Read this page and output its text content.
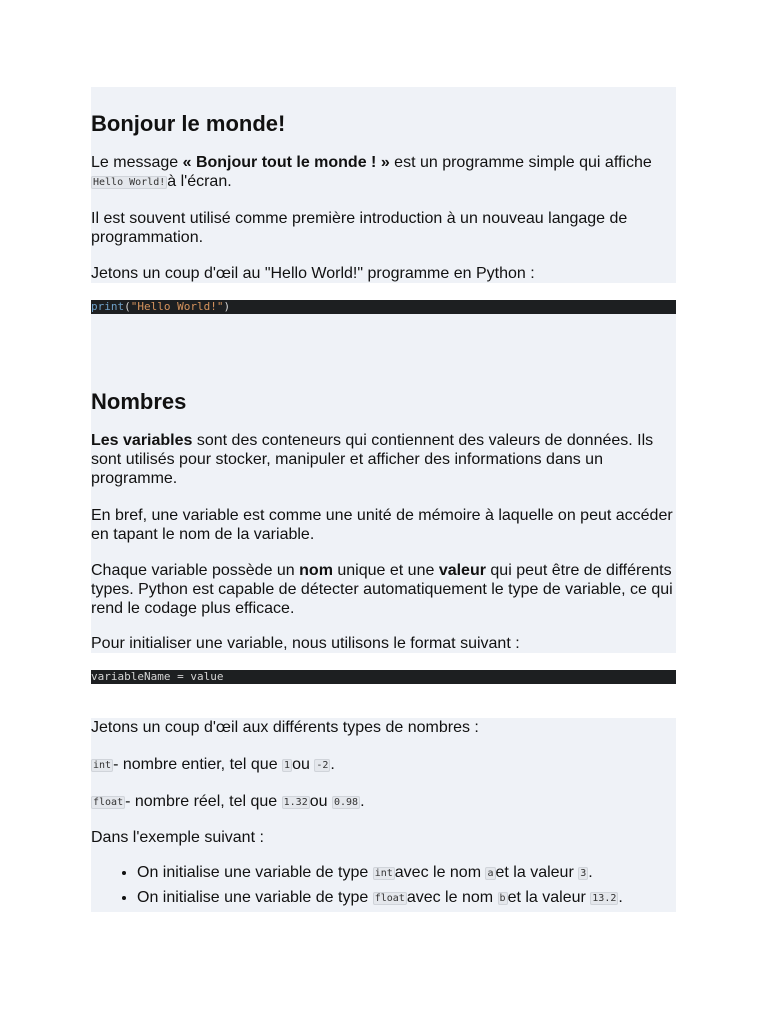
Bonjour le monde!

Le message « Bonjour tout le monde ! » est un programme simple qui affiche Hello World! à l'écran.

Il est souvent utilisé comme première introduction à un nouveau langage de programmation.

Jetons un coup d'œil au "Hello World!" programme en Python :

print("Hello World!")
Nombres

Les variables sont des conteneurs qui contiennent des valeurs de données. Ils sont utilisés pour stocker, manipuler et afficher des informations dans un programme.

En bref, une variable est comme une unité de mémoire à laquelle on peut accéder en tapant le nom de la variable.

Chaque variable possède un nom unique et une valeur qui peut être de différents types. Python est capable de détecter automatiquement le type de variable, ce qui rend le codage plus efficace.

Pour initialiser une variable, nous utilisons le format suivant :

variableName = value

Jetons un coup d'œil aux différents types de nombres :

int - nombre entier, tel que 1 ou -2 .

float - nombre réel, tel que 1.32 ou 0.98 .

Dans l'exemple suivant :

• On initialise une variable de type int avec le nom a et la valeur 3 .
• On initialise une variable de type float avec le nom b et la valeur 13.2 .
